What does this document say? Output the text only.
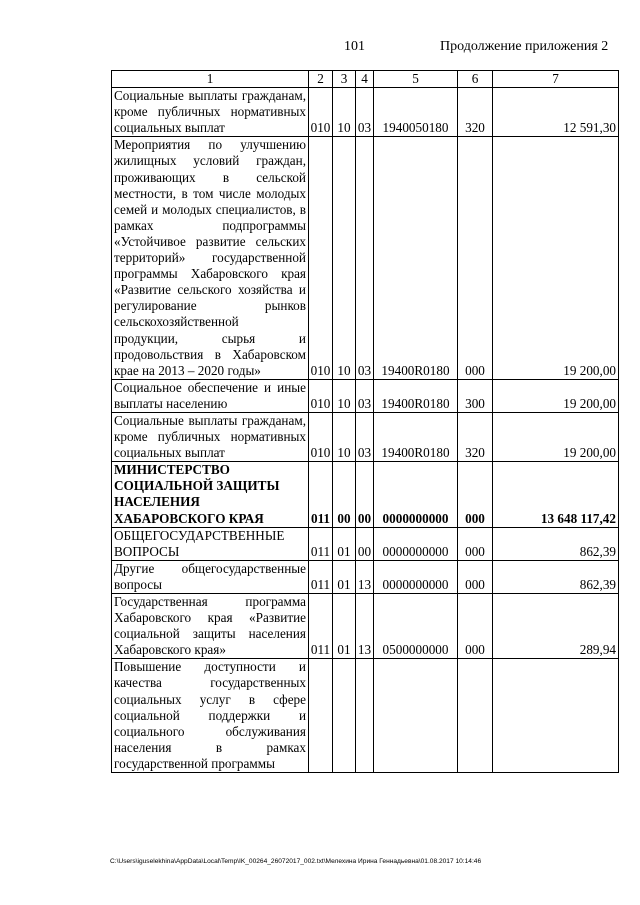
101	Продолжение приложения 2
1	2	3	4	5	6	7
Социальные выплаты гражданам, кроме публичных нормативных социальных выплат	010	10	03	1940050180	320	12 591,30
Мероприятия по улучшению жилищных условий граждан, проживающих в сельской местности, в том числе молодых семей и молодых специалистов, в рамках подпрограммы «Устойчивое развитие сельских территорий» государственной программы Хабаровского края «Развитие сельского хозяйства и регулирование рынков сельскохозяйственной продукции, сырья и продовольствия в Хабаровском крае на 2013 – 2020 годы»	010	10	03	19400R0180	000	19 200,00
Социальное обеспечение и иные выплаты населению	010	10	03	19400R0180	300	19 200,00
Социальные выплаты гражданам, кроме публичных нормативных социальных выплат	010	10	03	19400R0180	320	19 200,00
МИНИСТЕРСТВО СОЦИАЛЬНОЙ ЗАЩИТЫ НАСЕЛЕНИЯ ХАБАРОВСКОГО КРАЯ	011	00	00	0000000000	000	13 648 117,42
ОБЩЕГОСУДАРСТВЕННЫЕ ВОПРОСЫ	011	01	00	0000000000	000	862,39
Другие общегосударственные вопросы	011	01	13	0000000000	000	862,39
Государственная программа Хабаровского края «Развитие социальной защиты населения Хабаровского края»	011	01	13	0500000000	000	289,94
Повышение доступности и качества государственных социальных услуг в сфере социальной поддержки и социального обслуживания населения в рамках государственной программы						
C:\Users\iguselekhina\AppData\Local\Temp\IK_00264_26072017_002.txt\Мелехина Ирина Геннадьевна\01.08.2017 10:14:46
